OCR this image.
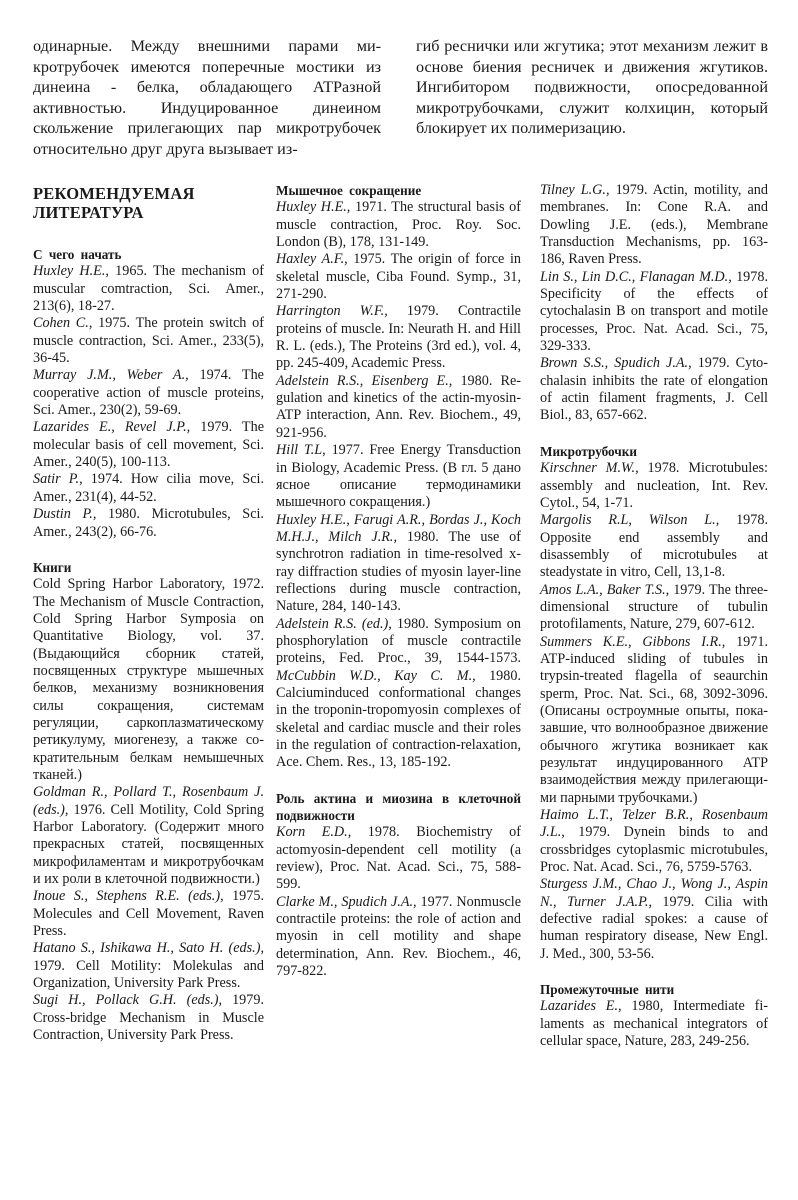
одинарные. Между внешними парами микротрубочек имеются поперечные мостики из динеина - белка, обладающего АТРазной активностью. Индуцированное динеином скольжение прилегающих пар микротрубочек относительно друг друга вызывает из-
гиб реснички или жгутика; этот механизм лежит в основе биения ресничек и движения жгутиков. Ингибитором подвижности, опосредованной микротрубочками, служит колхицин, который блокирует их полимеризацию.
РЕКОМЕНДУЕМАЯ ЛИТЕРАТУРА
С чего начать
Huxley H.E., 1965. The mechanism of muscular comtraction, Sci. Amer., 213(6), 18-27.
Cohen C., 1975. The protein switch of muscle contraction, Sci. Amer., 233(5), 36-45.
Murray J.M., Weber A., 1974. The cooperative action of muscle proteins, Sci. Amer., 230(2), 59-69.
Lazarides E., Revel J.P., 1979. The molecular basis of cell movement, Sci. Amer., 240(5), 100-113.
Satir P., 1974. How cilia move, Sci. Amer., 231(4), 44-52.
Dustin P., 1980. Microtubules, Sci. Amer., 243(2), 66-76.
Книги
Cold Spring Harbor Laboratory, 1972. The Mechanism of Muscle Contraction, Cold Spring Harbor Symposia on Quantitative Biology, vol. 37. (Выдающийся сборник статей, посвященных структуре мышечных белков, механизму возникновения силы сокращения, системам регуляции, саркоплазматическому ретикулуму, миогенезу, а также сократительным белкам немышечных тканей.)
Goldman R., Pollard T., Rosenbaum J. (eds.), 1976. Cell Motility, Cold Spring Harbor Laboratory. (Содержит много прекрасных статей, посвященных микрофиламентам и микротрубочкам и их роли в клеточной подвижности.)
Inoue S., Stephens R.E. (eds.), 1975. Molecules and Cell Movement, Raven Press.
Hatano S., Ishikawa H., Sato H. (eds.), 1979. Cell Motility: Molekulas and Organization, University Park Press.
Sugi H., Pollack G.H. (eds.), 1979. Cross-bridge Mechanism in Muscle Contraction, University Park Press.
Мышечное сокращение
Huxley H.E., 1971. The structural basis of muscle contraction, Proc. Roy. Soc. London (B), 178, 131-149.
Haxley A.F., 1975. The origin of force in skeletal muscle, Ciba Found. Symp., 31, 271-290.
Harrington W.F., 1979. Contractile proteins of muscle. In: Neurath H. and Hill R. L. (eds.), The Proteins (3rd ed.), vol. 4, pp. 245-409, Academic Press.
Adelstein R.S., Eisenberg E., 1980. Regulation and kinetics of the actin-myosin-ATP interaction, Ann. Rev. Biochem., 49, 921-956.
Hill T.L, 1977. Free Energy Transduction in Biology, Academic Press. (В гл. 5 дано ясное описание термодинамики мышечного сокращения.)
Huxley H.E., Farugi A.R., Bordas J., Koch M.H.J., Milch J.R., 1980. The use of synchrotron radiation in time-resolved x-ray diffraction studies of myosin layer-line reflections during muscle contraction, Nature, 284, 140-143.
Adelstein R.S. (ed.), 1980. Symposium on phosphorylation of muscle contractile proteins, Fed. Proc., 39, 1544-1573. McCubbin W.D., Kay C. M., 1980. Calciuminduced conformational changes in the troponin-tropomyosin complexes of skeletal and cardiac muscle and their roles in the regulation of contraction-relaxation, Ace. Chem. Res., 13, 185-192.
Роль актина и миозина в клеточной подвижности
Korn E.D., 1978. Biochemistry of actomyosin-dependent cell motility (a review), Proc. Nat. Acad. Sci., 75, 588-599.
Clarke M., Spudich J.A., 1977. Nonmuscle contractile proteins: the role of action and myosin in cell motility and shape determination, Ann. Rev. Biochem., 46, 797-822.
Tilney L.G., 1979. Actin, motility, and membranes. In: Cone R.A. and Dowling J.E. (eds.), Membrane Transduction Mechanisms, pp. 163-186, Raven Press.
Lin S., Lin D.C., Flanagan M.D., 1978. Specificity of the effects of cytochalasin B on transport and motile processes, Proc. Nat. Acad. Sci., 75, 329-333.
Brown S.S., Spudich J.A., 1979. Cytochalasin inhibits the rate of elongation of actin filament fragments, J. Cell Biol., 83, 657-662.
Микротрубочки
Kirschner M.W., 1978. Microtubules: assembly and nucleation, Int. Rev. Cytol., 54, 1-71.
Margolis R.L, Wilson L., 1978. Opposite end assembly and disassembly of microtubules at steadystate in vitro, Cell, 13,1-8.
Amos L.A., Baker T.S., 1979. The three-dimensional structure of tubulin protofilaments, Nature, 279, 607-612.
Summers K.E., Gibbons I.R., 1971. ATP-induced sliding of tubules in trypsin-treated flagella of seaurchin sperm, Proc. Nat. Sci., 68, 3092-3096. (Описаны остроумные опыты, показавшие, что волнообразное движение обычного жгутика возникает как результат индуцированного ATP взаимодействия между прилегающими парными трубочками.)
Haimo L.T., Telzer B.R., Rosenbaum J.L., 1979. Dynein binds to and crossbridges cytoplasmic microtubules, Proc. Nat. Acad. Sci., 76, 5759-5763.
Sturgess J.M., Chao J., Wong J., Aspin N., Turner J.A.P., 1979. Cilia with defective radial spokes: a cause of human respiratory disease, New Engl. J. Med., 300, 53-56.
Промежуточные нити
Lazarides E., 1980, Intermediate filaments as mechanical integrators of cellular space, Nature, 283, 249-256.
